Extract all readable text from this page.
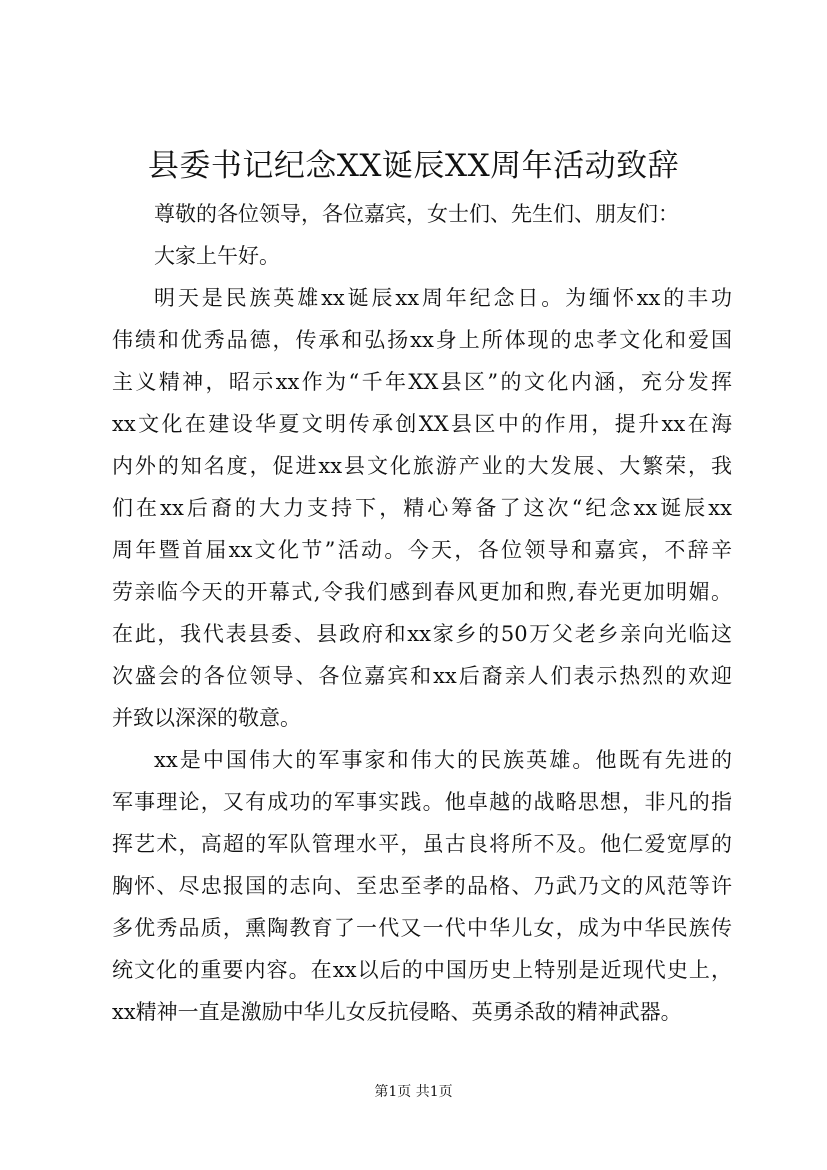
县委书记纪念XX诞辰XX周年活动致辞
尊敬的各位领导，各位嘉宾，女士们、先生们、朋友们：
大家上午好。
明天是民族英雄xx诞辰xx周年纪念日。为缅怀xx的丰功
伟绩和优秀品德，传承和弘扬xx身上所体现的忠孝文化和爱国
主义精神，昭示xx作为“千年XX县区”的文化内涵，充分发挥
xx文化在建设华夏文明传承创XX县区中的作用，提升xx在海
内外的知名度，促进xx县文化旅游产业的大发展、大繁荣，我
们在xx后裔的大力支持下，精心筹备了这次“纪念xx诞辰xx
周年暨首届xx文化节”活动。今天，各位领导和嘉宾，不辞辛
劳亲临今天的开幕式,令我们感到春风更加和煦,春光更加明媚。
在此，我代表县委、县政府和xx家乡的50万父老乡亲向光临这
次盛会的各位领导、各位嘉宾和xx后裔亲人们表示热烈的欢迎
并致以深深的敬意。
xx是中国伟大的军事家和伟大的民族英雄。他既有先进的
军事理论，又有成功的军事实践。他卓越的战略思想，非凡的指
挥艺术，高超的军队管理水平，虽古良将所不及。他仁爱宽厚的
胸怀、尽忠报国的志向、至忠至孝的品格、乃武乃文的风范等许
多优秀品质，熏陶教育了一代又一代中华儿女，成为中华民族传
统文化的重要内容。在xx以后的中国历史上特别是近现代史上，
xx精神一直是激励中华儿女反抗侵略、英勇杀敌的精神武器。
第1页 共1页
